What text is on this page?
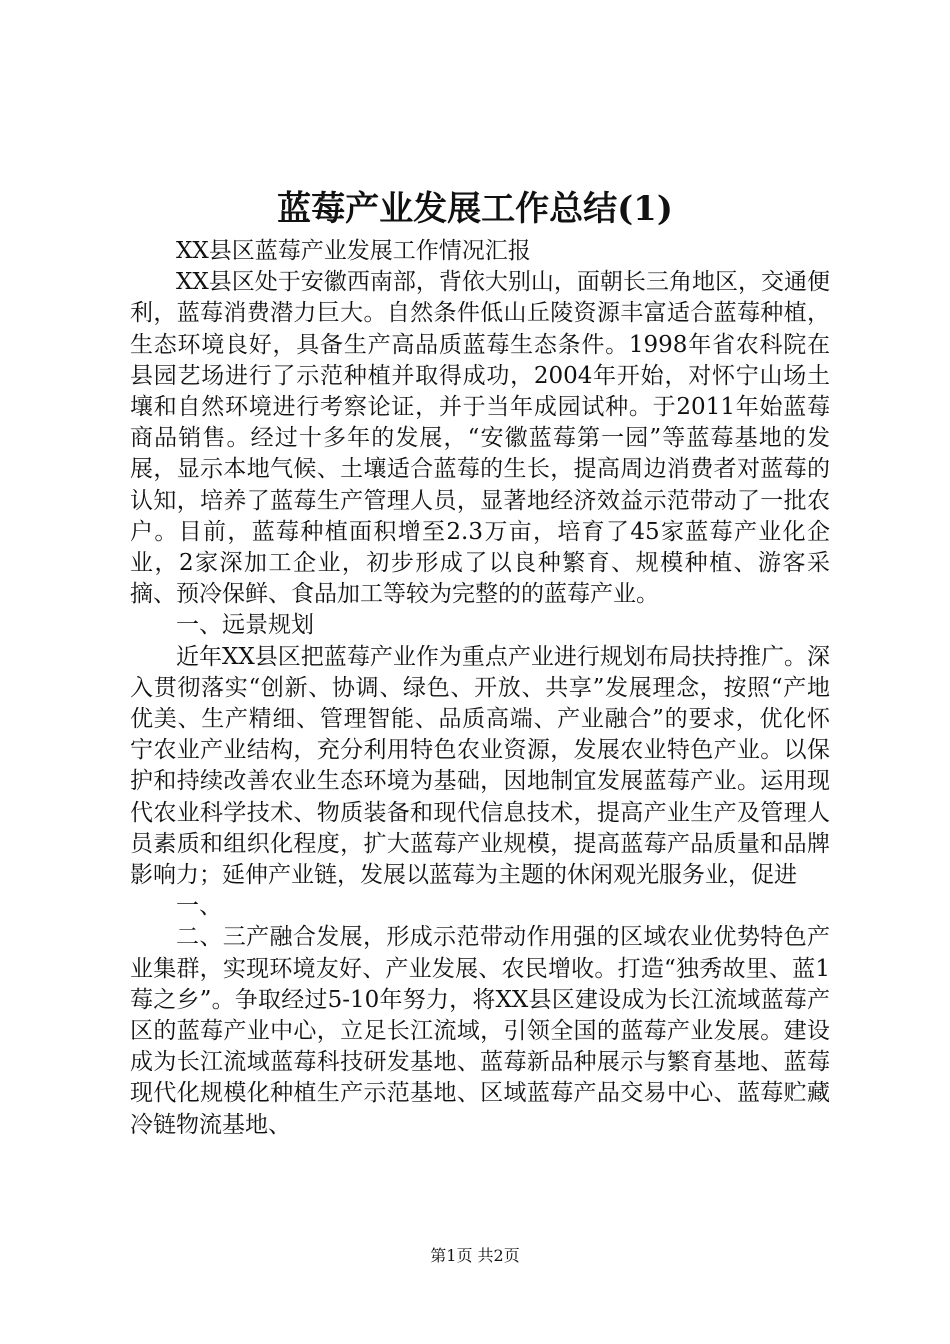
蓝莓产业发展工作总结(1)

XX县区蓝莓产业发展工作情况汇报

XX县区处于安徽西南部，背依大别山，面朝长三角地区，交通便利，蓝莓消费潜力巨大。自然条件低山丘陵资源丰富适合蓝莓种植，生态环境良好，具备生产高品质蓝莓生态条件。1998年省农科院在县园艺场进行了示范种植并取得成功，2004年开始，对怀宁山场土壤和自然环境进行考察论证，并于当年成园试种。于2011年始蓝莓商品销售。经过十多年的发展，“安徽蓝莓第一园”等蓝莓基地的发展，显示本地气候、土壤适合蓝莓的生长，提高周边消费者对蓝莓的认知，培养了蓝莓生产管理人员，显著地经济效益示范带动了一批农户。目前，蓝莓种植面积增至2.3万亩，培育了45家蓝莓产业化企业，2家深加工企业，初步形成了以良种繁育、规模种植、游客采摘、预冷保鲜、食品加工等较为完整的的蓝莓产业。

一、远景规划

近年XX县区把蓝莓产业作为重点产业进行规划布局扶持推广。深入贯彻落实“创新、协调、绿色、开放、共享”发展理念，按照“产地优美、生产精细、管理智能、品质高端、产业融合”的要求，优化怀宁农业产业结构，充分利用特色农业资源，发展农业特色产业。以保护和持续改善农业生态环境为基础，因地制宜发展蓝莓产业。运用现代农业科学技术、物质装备和现代信息技术，提高产业生产及管理人员素质和组织化程度，扩大蓝莓产业规模，提高蓝莓产品质量和品牌影响力；延伸产业链，发展以蓝莓为主题的休闲观光服务业，促进

一、

二、三产融合发展，形成示范带动作用强的区域农业优势特色产业集群，实现环境友好、产业发展、农民增收。打造“独秀故里、蓝1莓之乡”。争取经过5-10年努力，将XX县区建设成为长江流域蓝莓产区的蓝莓产业中心，立足长江流域，引领全国的蓝莓产业发展。建设成为长江流域蓝莓科技研发基地、蓝莓新品种展示与繁育基地、蓝莓现代化规模化种植生产示范基地、区域蓝莓产品交易中心、蓝莓贮藏冷链物流基地、

第1页 共2页
